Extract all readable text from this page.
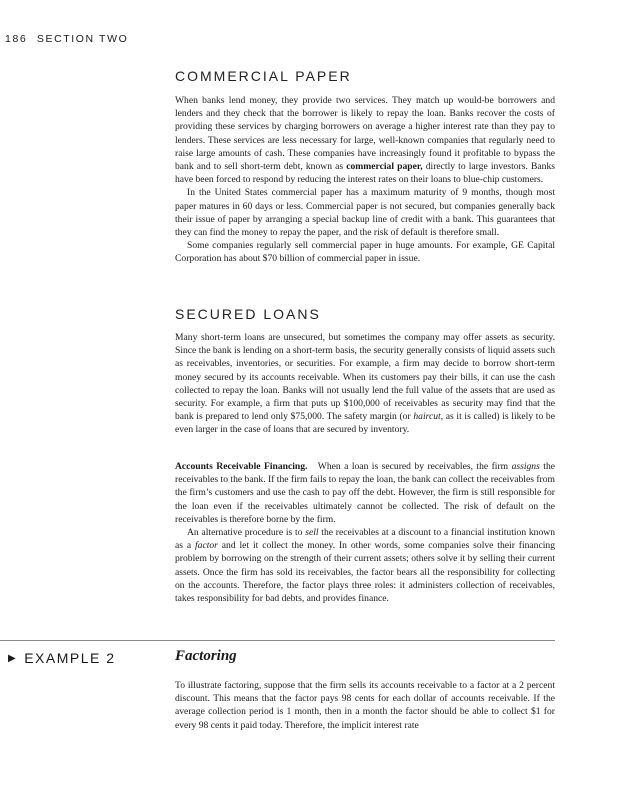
186 SECTION TWO
COMMERCIAL PAPER

When banks lend money, they provide two services. They match up would-be borrowers and lenders and they check that the borrower is likely to repay the loan. Banks recover the costs of providing these services by charging borrowers on average a higher interest rate than they pay to lenders. These services are less necessary for large, well-known companies that regularly need to raise large amounts of cash. These companies have increasingly found it profitable to bypass the bank and to sell short-term debt, known as commercial paper, directly to large investors. Banks have been forced to respond by reducing the interest rates on their loans to blue-chip customers.

In the United States commercial paper has a maximum maturity of 9 months, though most paper matures in 60 days or less. Commercial paper is not secured, but companies generally back their issue of paper by arranging a special backup line of credit with a bank. This guarantees that they can find the money to repay the paper, and the risk of default is therefore small.

Some companies regularly sell commercial paper in huge amounts. For example, GE Capital Corporation has about $70 billion of commercial paper in issue.

SECURED LOANS

Many short-term loans are unsecured, but sometimes the company may offer assets as security. Since the bank is lending on a short-term basis, the security generally consists of liquid assets such as receivables, inventories, or securities. For example, a firm may decide to borrow short-term money secured by its accounts receivable. When its customers pay their bills, it can use the cash collected to repay the loan. Banks will not usually lend the full value of the assets that are used as security. For example, a firm that puts up $100,000 of receivables as security may find that the bank is prepared to lend only $75,000. The safety margin (or haircut, as it is called) is likely to be even larger in the case of loans that are secured by inventory.

Accounts Receivable Financing. When a loan is secured by receivables, the firm assigns the receivables to the bank. If the firm fails to repay the loan, the bank can collect the receivables from the firm’s customers and use the cash to pay off the debt. However, the firm is still responsible for the loan even if the receivables ultimately cannot be collected. The risk of default on the receivables is therefore borne by the firm.

An alternative procedure is to sell the receivables at a discount to a financial institution known as a factor and let it collect the money. In other words, some companies solve their financing problem by borrowing on the strength of their current assets; others solve it by selling their current assets. Once the firm has sold its receivables, the factor bears all the responsibility for collecting on the accounts. Therefore, the factor plays three roles: it administers collection of receivables, takes responsibility for bad debts, and provides finance.

▶ EXAMPLE 2	Factoring

To illustrate factoring, suppose that the firm sells its accounts receivable to a factor at a 2 percent discount. This means that the factor pays 98 cents for each dollar of accounts receivable. If the average collection period is 1 month, then in a month the factor should be able to collect $1 for every 98 cents it paid today. Therefore, the implicit interest rate
